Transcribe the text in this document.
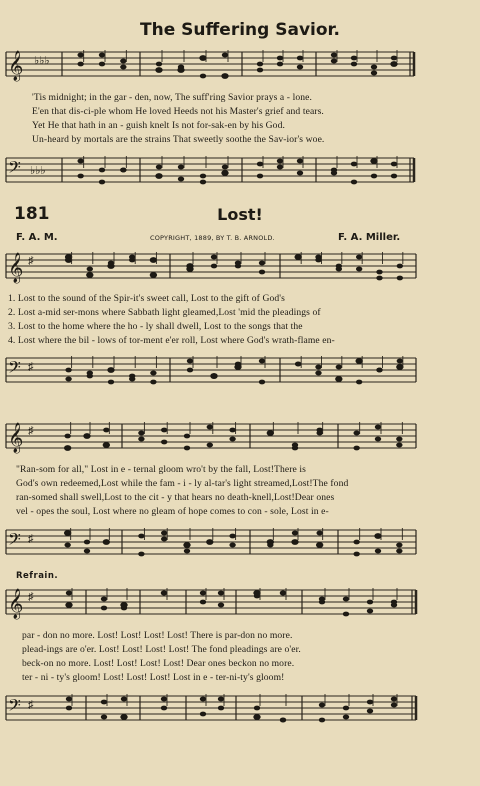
The Suffering Savior.
𝄞 ♭♭♭
'Tis midnight; in the gar - den, now, The suff'ring Savior prays a - lone.
E'en that dis-ci-ple whom He loved Heeds not his Master's grief and tears.
Yet He that hath in an - guish knelt Is not for-sak-en by his God.
Un-heard by mortals are the strains That sweetly soothe the Sav-ior's woe.
𝄢 ♭♭♭
181	Lost!
F. A. M.	COPYRIGHT, 1889, BY T. B. ARNOLD.	F. A. Miller.
𝄞 ♯
1. Lost to the sound of the Spir-it's sweet call, Lost to the gift of God's
2. Lost a-mid ser-mons where Sabbath light gleamed,Lost 'mid the pleadings of
3. Lost to the home where the ho - ly shall dwell, Lost to the songs that the
4. Lost where the bil - lows of tor-ment e'er roll, Lost where God's wrath-flame en-
𝄢 ♯
𝄞 ♯
"Ran-som for all," Lost in e - ternal gloom wro't by the fall, Lost!There is
God's own redeemed,Lost while the fam - i - ly al-tar's light streamed,Lost!The fond
ran-somed shall swell,Lost to the cit - y that hears no death-knell,Lost!Dear ones
vel - opes the soul, Lost where no gleam of hope comes to con - sole, Lost in e-
𝄢 ♯
Refrain.
𝄞 ♯
par - don no more. Lost! Lost! Lost! Lost! There is par-don no more.
plead-ings are o'er. Lost! Lost! Lost! Lost! The fond pleadings are o'er.
beck-on no more. Lost! Lost! Lost! Lost! Dear ones beckon no more.
ter - ni - ty's gloom! Lost! Lost! Lost! Lost in e - ter-ni-ty's gloom!
𝄢 ♯
